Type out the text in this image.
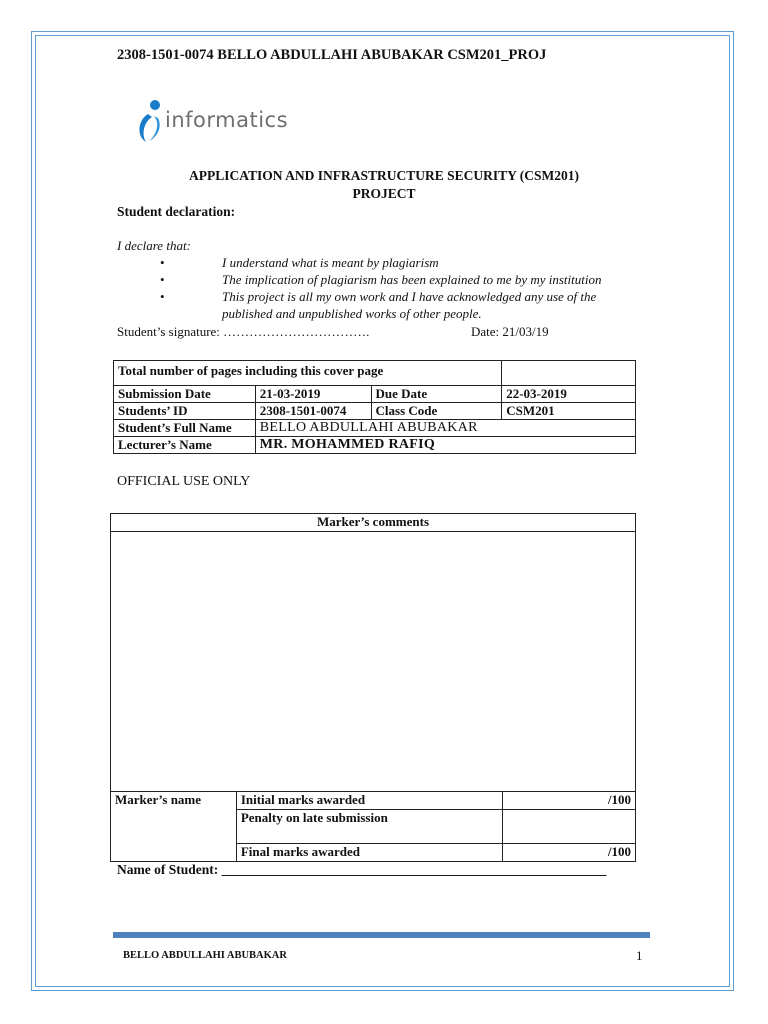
2308-1501-0074 BELLO ABDULLAHI ABUBAKAR CSM201_PROJ
informatics
APPLICATION AND INFRASTRUCTURE SECURITY (CSM201)
PROJECT
Student declaration:
I declare that:
•	I understand what is meant by plagiarism
•	The implication of plagiarism has been explained to me by my institution
•	This project is all my own work and I have acknowledged any use of the
published and unpublished works of other people.
Student’s signature: …………………………….	Date: 21/03/19
Total number of pages including this cover page			
Submission Date	21-03-2019	Due Date	22-03-2019
Students’ ID	2308-1501-0074	Class Code	CSM201
Student’s Full Name	BELLO ABDULLAHI ABUBAKAR		
Lecturer’s Name	MR. MOHAMMED RAFIQ		
OFFICIAL USE ONLY
Marker’s comments		

Marker’s name	Initial marks awarded	/100
	Penalty on late submission	
	Final marks awarded	/100
Name of Student: _________________________________________________________
BELLO ABDULLAHI ABUBAKAR	1
